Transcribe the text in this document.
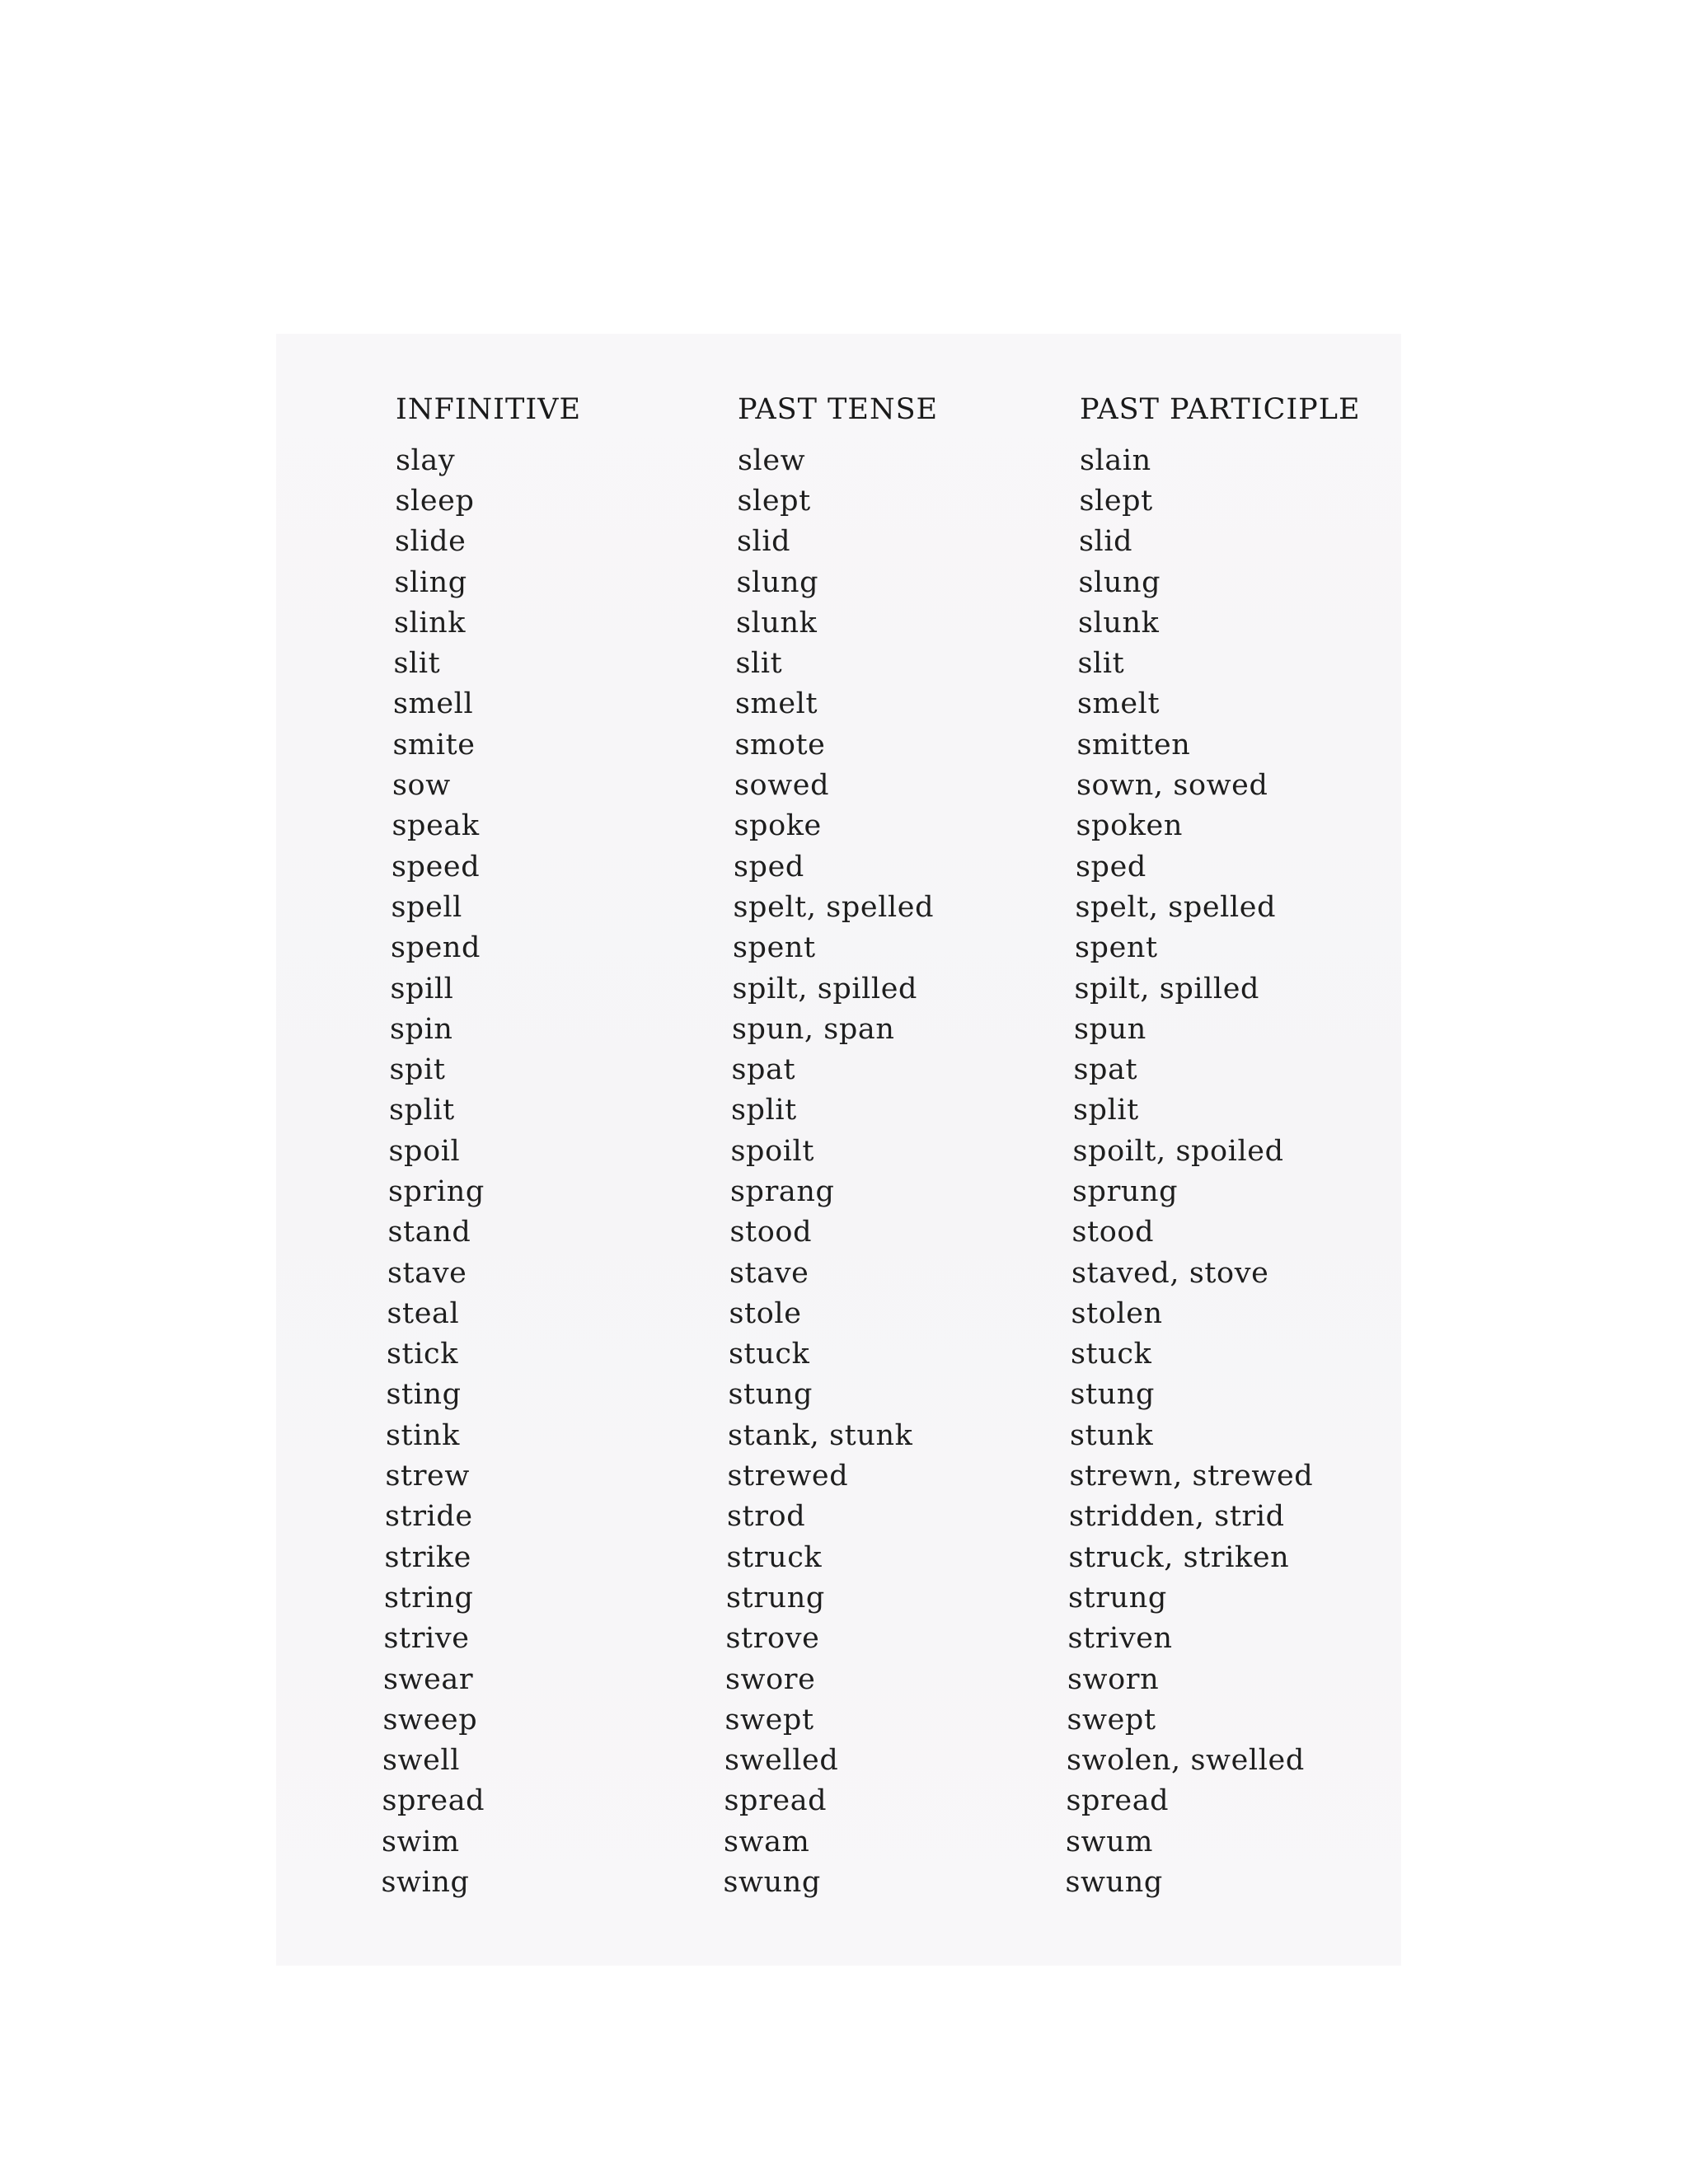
INFINITIVE	PAST TENSE	PAST PARTICIPLE
slay	slew	slain
sleep	slept	slept
slide	slid	slid
sling	slung	slung
slink	slunk	slunk
slit	slit	slit
smell	smelt	smelt
smite	smote	smitten
sow	sowed	sown, sowed
speak	spoke	spoken
speed	sped	sped
spell	spelt, spelled	spelt, spelled
spend	spent	spent
spill	spilt, spilled	spilt, spilled
spin	spun, span	spun
spit	spat	spat
split	split	split
spoil	spoilt	spoilt, spoiled
spring	sprang	sprung
stand	stood	stood
stave	stave	staved, stove
steal	stole	stolen
stick	stuck	stuck
sting	stung	stung
stink	stank, stunk	stunk
strew	strewed	strewn, strewed
stride	strod	stridden, strid
strike	struck	struck, striken
string	strung	strung
strive	strove	striven
swear	swore	sworn
sweep	swept	swept
swell	swelled	swolen, swelled
spread	spread	spread
swim	swam	swum
swing	swung	swung
